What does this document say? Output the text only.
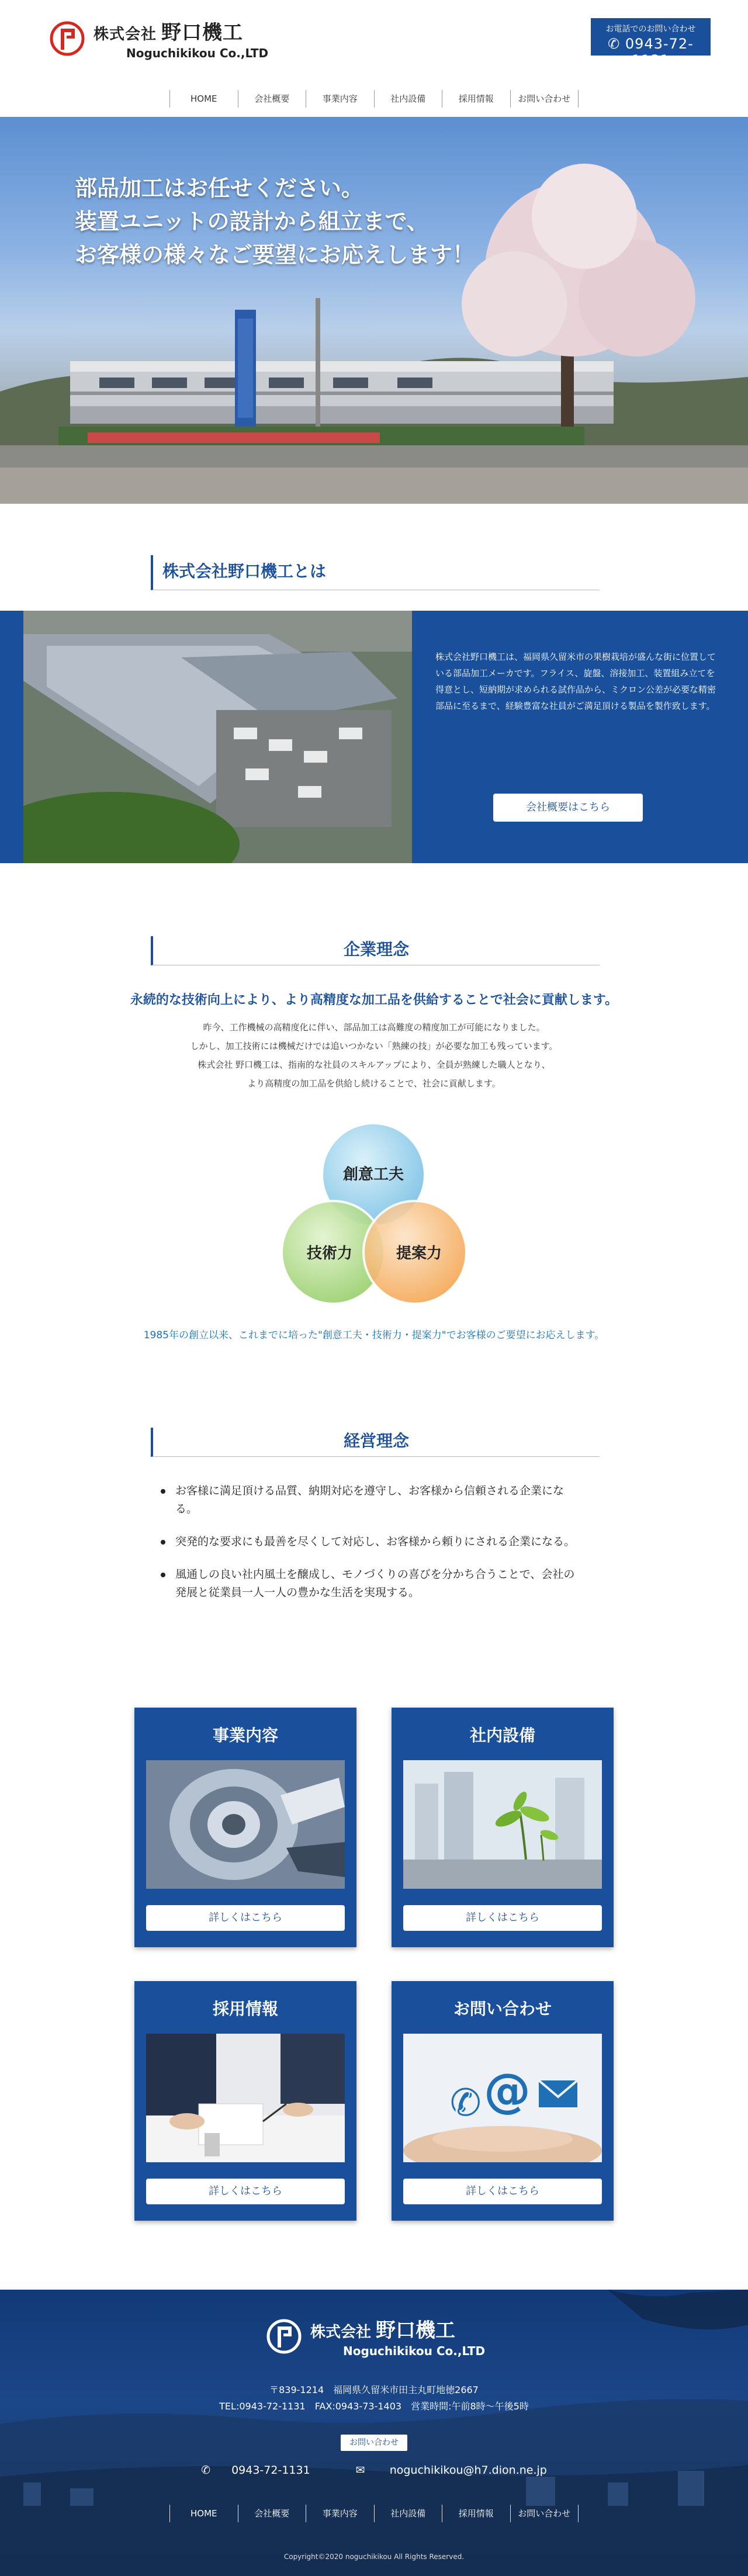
株式会社 野口機工
Noguchikikou Co.,LTD
お電話でのお問い合わせ
✆ 0943-72-1131
HOME	会社概要	事業内容	社内設備	採用情報	お問い合わせ
部品加工はお任せください。
装置ユニットの設計から組立まで、
お客様の様々なご要望にお応えします！
株式会社野口機工とは
株式会社野口機工は、福岡県久留米市の果樹栽培が盛んな街に位置している部品加工メーカです。フライス、旋盤、溶接加工、装置組み立てを得意とし、短納期が求められる試作品から、ミクロン公差が必要な精密部品に至るまで、経験豊富な社員がご満足頂ける製品を製作致します。
会社概要はこちら
企業理念
永続的な技術向上により、より高精度な加工品を供給することで社会に貢献します。
昨今、工作機械の高精度化に伴い、部品加工は高難度の精度加工が可能になりました。
しかし、加工技術には機械だけでは追いつかない「熟練の技」が必要な加工も残っています。
株式会社 野口機工は、指南的な社員のスキルアップにより、全員が熟練した職人となり、
より高精度の加工品を供給し続けることで、社会に貢献します。
創意工夫
技術力	提案力
1985年の創立以来、これまでに培った"創意工夫・技術力・提案力"でお客様のご要望にお応えします。
経営理念
お客様に満足頂ける品質、納期対応を遵守し、お客様から信頼される企業になる。
突発的な要求にも最善を尽くして対応し、お客様から頼りにされる企業になる。
風通しの良い社内風土を醸成し、モノづくりの喜びを分かち合うことで、会社の発展と従業員一人一人の豊かな生活を実現する。
事業内容
詳しくはこちら
社内設備
詳しくはこちら
採用情報
詳しくはこちら
お問い合わせ
✆ @
詳しくはこちら
株式会社 野口機工
Noguchikikou Co.,LTD
〒839-1214　福岡県久留米市田主丸町地徳2667
TEL:0943-72-1131　FAX:0943-73-1403　営業時間:午前8時〜午後5時
お問い合わせ
✆ 0943-72-1131	✉ noguchikikou@h7.dion.ne.jp
HOME	会社概要	事業内容	社内設備	採用情報	お問い合わせ
Copyright©2020 noguchikikou All Rights Reserved.
